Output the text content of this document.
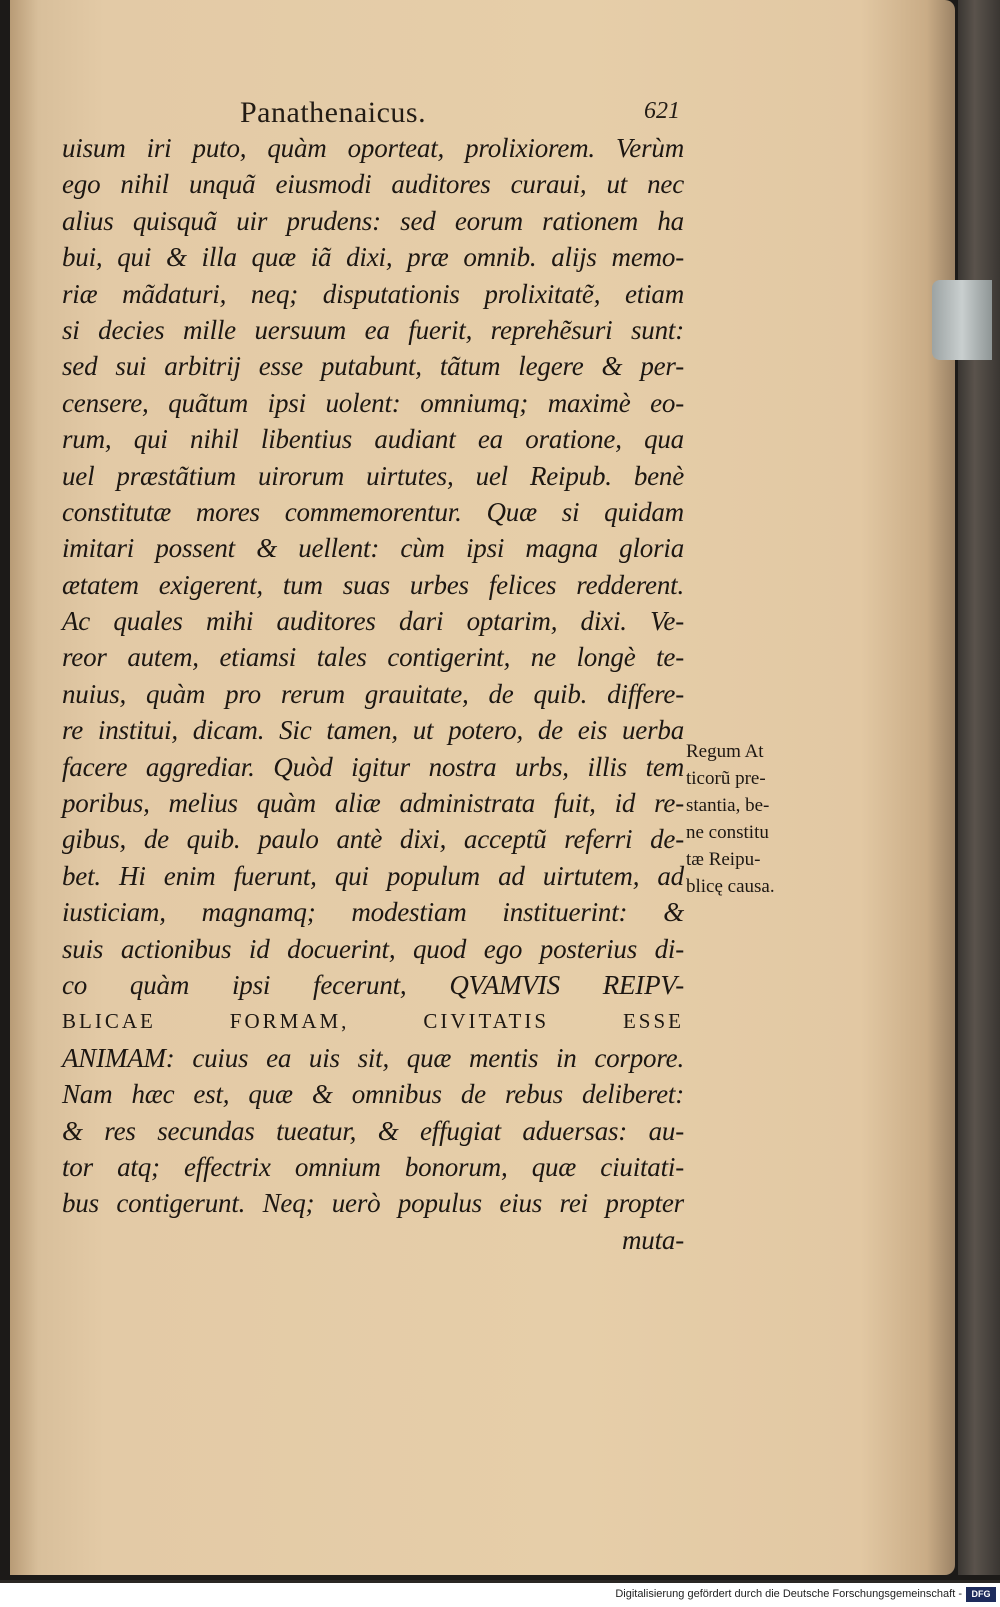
Panathenaicus.	621
uisum iri puto, quàm oporteat, prolixiorem. Verùm
ego nihil unquã eiusmodi auditores curaui, ut nec
alius quisquã uir prudens: sed eorum rationem ha
bui, qui & illa quæ iã dixi, præ omnib. alijs memo-
riæ mãdaturi, neq; disputationis prolixitatẽ, etiam
si decies mille uersuum ea fuerit, reprehẽsuri sunt:
sed sui arbitrij esse putabunt, tãtum legere & per-
censere, quãtum ipsi uolent: omniumq; maximè eo-
rum, qui nihil libentius audiant ea oratione, qua
uel præstãtium uirorum uirtutes, uel Reipub. benè
constitutæ mores commemorentur. Quæ si quidam
imitari possent & uellent: cùm ipsi magna gloria
ætatem exigerent, tum suas urbes felices redderent.
Ac quales mihi auditores dari optarim, dixi. Ve-
reor autem, etiamsi tales contigerint, ne longè te-
nuius, quàm pro rerum grauitate, de quib. differe-
re institui, dicam. Sic tamen, ut potero, de eis uerba
facere aggrediar. Quòd igitur nostra urbs, illis tem
poribus, melius quàm aliæ administrata fuit, id re-
gibus, de quib. paulo antè dixi, acceptũ referri de-
bet. Hi enim fuerunt, qui populum ad uirtutem, ad
iusticiam, magnamq; modestiam instituerint: &
suis actionibus id docuerint, quod ego posterius di-
co quàm ipsi fecerunt, QVAMVIS REIPV-
BLICAE FORMAM, CIVITATIS ESSE
ANIMAM: cuius ea uis sit, quæ mentis in corpore.
Nam hæc est, quæ & omnibus de rebus deliberet:
& res secundas tueatur, & effugiat aduersas: au-
tor atq; effectrix omnium bonorum, quæ ciuitati-
bus contigerunt. Neq; uerò populus eius rei propter
muta-
Regum At
ticorũ pre-
stantia, be-
ne constitu
tæ Reipu-
blicę causa.
Digitalisierung gefördert durch die Deutsche Forschungsgemeinschaft -	DFG
